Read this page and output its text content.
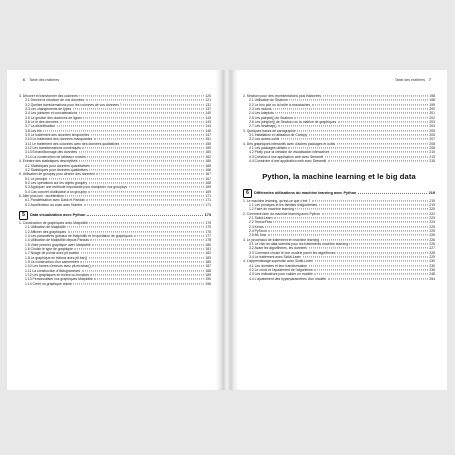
6 Table des matières
3. Décorer et transformer des colonnes	120
3.1 Décrire la structure de vos données	121
3.2 Quelles transformations pour les colonnes de vos données ?	131
3.3 Les changements de types	137
3.4 Les jointures et concaténations	140
3.5 La gestion des doublons de lignes	143
3.6 Le tri des données	143
3.7 La discrétisation	144
3.8 Les tris	146
3.9 Le traitement des données temporelles	147
3.10 Le traitement des données manquantes	151
3.11 Le traitement des colonnes avec des données qualitatives	155
3.12 Les transformations numériques	159
3.13 Échantillonnage des données	160
3.14 La construction de tableaux croisés	162
4. Extraire des statistiques descriptives	165
4.1 Statistiques pour données quantitatives	165
4.2 Statistiques pour données qualitatives	166
5. Utilisation de groupby pour décrire des données	167
5.1 Le principe	167
5.2 Les opérations sur les objets groupby	168
5.3 Appliquer une méthode importante pour manipuler vos groupbys	169
5.4 Cas concret d'utilisation d'un groupby	169
6. Aller plus loin : accélération	171
6.1 Parallélisation avec Dask et Pandas	171
6.2 Accélération du code avec Numba	171
5	Data visualization avec Python	173
1. Construction de graphiques avec Matplotlib	175
1.1 Utilisation de Matplotlib	175
1.2 Afficher des graphiques	176
1.3 Les paramètres globaux de Matplotlib et l'exportation de graphiques	177
1.4 Utilisation de Matplotlib depuis Pandas	178
1.5 Votre premier graphique avec Matplotlib	180
1.6 Choisir le type de graphique	181
1.7 Nuage de points avec plt.scatter	182
1.8 Le graphique en bâtons avec plt.bar()	183
1.9 La construction d'un camembert	185
1.10 Les barres d'erreurs avec plt.errorbar()	187
1.11 La construction d'histogrammes	188
1.12 Les graphiques en boîtes ou boxplots	189
1.13 Personnaliser vos graphiques Matplotlib	190
1.14 Créer un graphique animé	196
Table des matières 7
2. Seaborn pour des représentations plus élaborées	198
2.1 Utilisation de Seaborn	198
2.2 Le box plot ou la boîte à moustaches	199
2.3 Les violons	200
2.4 Les kdeplots	201
2.5 Les pairplot() de Seaborn	202
2.6 Les jointplot() de Seaborn ou la matrice de graphiques	203
2.7 Les heatmap()	204
3. Quelques bases de cartographie	205
3.1 Installation et utilisation de Cartopy	205
3.2 Les autres outils	207
4. Des graphiques interactifs avec d'autres packages et outils	208
4.1 Les packages utilisés	208
4.2 Plotly pour la création de visualisation interactives	210
4.3 Création d'une application web avec Streamlit	213
4.4 Construire d'une application web avec Streamlit	215
Python, la machine learning et le big data
6	Différentes utilisations du machine learning avec Python	219
1. Le machine learning, qu'est-ce que c'est ?	219
1.1 Les principes et les familles d'algorithmes	219
1.2 Faire du machine learning	220
2. Comment faire du machine learning avec Python	222
2.1 Scikit-Learn	223
2.2 TensorFlow	224
2.3 Keras	225
2.4 PyTorch	225
2.5 ML flow	226
3. Le processus de traitement en machine learning	226
3.1 Le rôle du data scientist pour les traitements machine learning	226
3.2 Avant les algorithmes, les données	227
3.3 Comment choisir le bon modèle parmi les algorithmes	228
3.4 Le traitement avec Scikit-Learn	229
4. L'apprentissage supervisé avec Scikit-Learn	230
4.1 Les données et leur transformation	230
4.2 Le choix et l'ajustement de l'algorithme	236
4.3 Les indicateurs pour valider un modèle	248
4.4 L'ajustement des hyperparamètres d'un modèle	254
